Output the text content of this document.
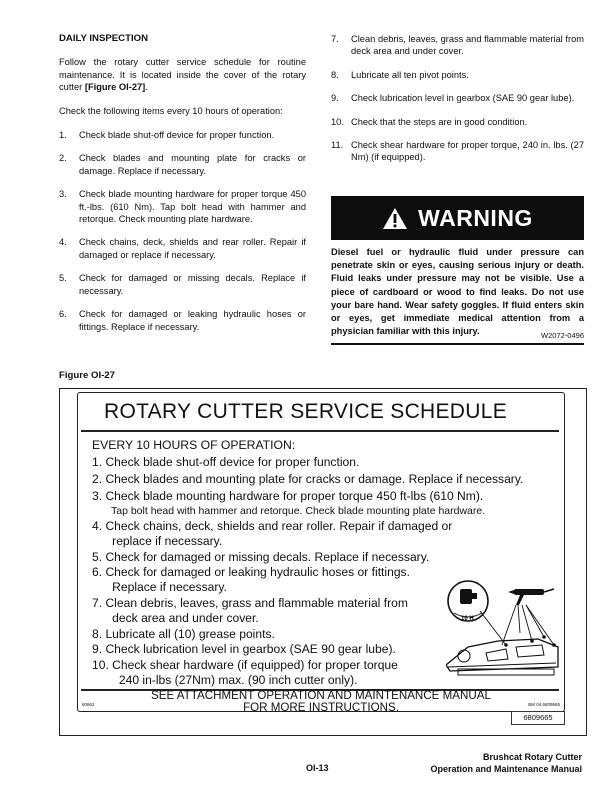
DAILY INSPECTION

Follow the rotary cutter service schedule for routine maintenance. It is located inside the cover of the rotary cutter [Figure OI-27].

Check the following items every 10 hours of operation:

1. Check blade shut-off device for proper function.
2. Check blades and mounting plate for cracks or damage. Replace if necessary.
3. Check blade mounting hardware for proper torque 450 ft.-lbs. (610 Nm). Tap bolt head with hammer and retorque. Check mounting plate hardware.
4. Check chains, deck, shields and rear roller. Repair if damaged or replace if necessary.
5. Check for damaged or missing decals. Replace if necessary.
6. Check for damaged or leaking hydraulic hoses or fittings. Replace if necessary.
7. Clean debris, leaves, grass and flammable material from deck area and under cover.
8. Lubricate all ten pivot points.
9. Check lubrication level in gearbox (SAE 90 gear lube).
10. Check that the steps are in good condition.
11. Check shear hardware for proper torque, 240 in. lbs. (27 Nm) (if equipped).
WARNING
Diesel fuel or hydraulic fluid under pressure can penetrate skin or eyes, causing serious injury or death. Fluid leaks under pressure may not be visible. Use a piece of cardboard or wood to find leaks. Do not use your bare hand. Wear safety goggles. If fluid enters skin or eyes, get immediate medical attention from a physician familiar with this injury.	W2072-0496
Figure OI-27
ROTARY CUTTER SERVICE SCHEDULE
EVERY 10 HOURS OF OPERATION:
1. Check blade shut-off device for proper function.
2. Check blades and mounting plate for cracks or damage. Replace if necessary.
3. Check blade mounting hardware for proper torque 450 ft-lbs (610 Nm).
Tap bolt head with hammer and retorque. Check blade mounting plate hardware.
4. Check chains, deck, shields and rear roller. Repair if damaged or
replace if necessary.
5. Check for damaged or missing decals. Replace if necessary.
6. Check for damaged or leaking hydraulic hoses or fittings.
Replace if necessary.
7. Clean debris, leaves, grass and flammable material from
deck area and under cover.
8. Lubricate all (10) grease points.
9. Check lubrication level in gearbox (SAE 90 gear lube).
10. Check shear hardware (if equipped) for proper torque
240 in-lbs (27Nm) max. (90 inch cutter only).
10 H
SEE ATTACHMENT OPERATION AND MAINTENANCE MANUAL
FOR MORE INSTRUCTIONS.
60662	BM 04 6809665
6809665
OI-13
Brushcat Rotary Cutter
Operation and Maintenance Manual
